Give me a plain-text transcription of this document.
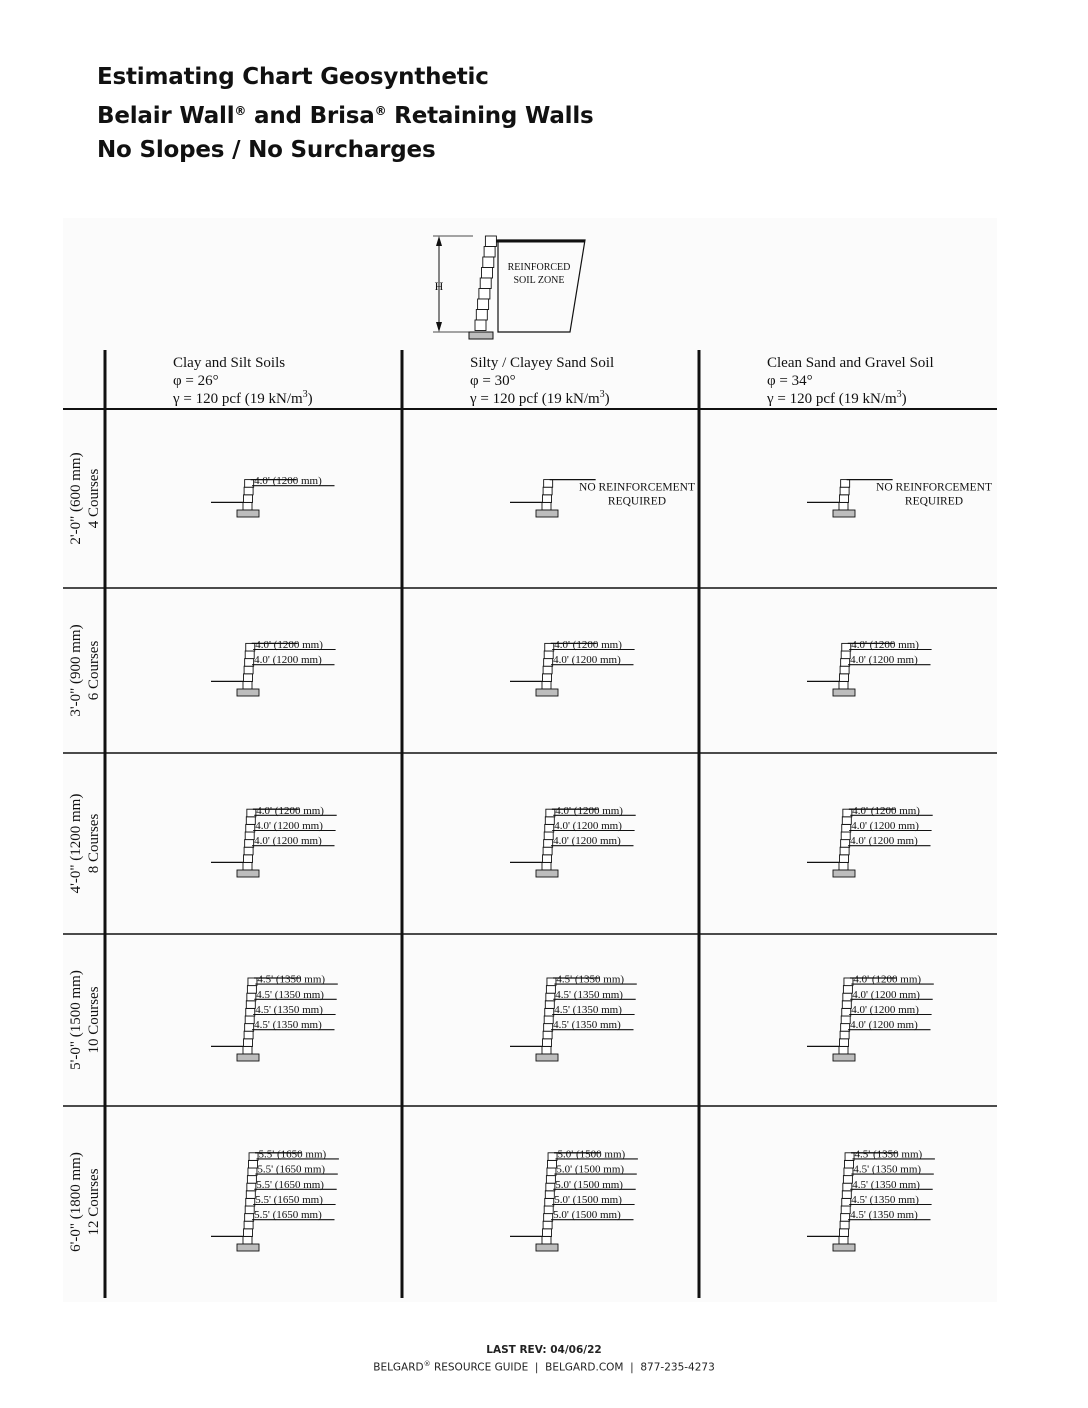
Estimating Chart Geosynthetic
Belair Wall® and Brisa® Retaining Walls
No Slopes / No Surcharges
H
REINFORCED
SOIL ZONE
Clay and Silt Soils
φ = 26°
γ = 120 pcf (19 $kN/m^3$)
Silty / Clayey Sand Soil
φ = 30°
γ = 120 pcf (19 $kN/m^3$)
Clean Sand and Gravel Soil
φ = 34°
γ = 120 pcf (19 $kN/m^3$)
2'-0" (600 mm) 4 Courses
3'-0" (900 mm) 6 Courses
4'-0" (1200 mm) 8 Courses
5'-0" (1500 mm) 10 Courses
6'-0" (1800 mm) 12 Courses
4.0' (1200 mm)
NO REINFORCEMENT
REQUIRED
NO REINFORCEMENT
REQUIRED
4.0' (1200 mm)
4.0' (1200 mm)
4.0' (1200 mm)
4.0' (1200 mm)
4.0' (1200 mm)
4.0' (1200 mm)
4.0' (1200 mm)
4.0' (1200 mm)
4.0' (1200 mm)
4.0' (1200 mm)
4.0' (1200 mm)
4.0' (1200 mm)
4.0' (1200 mm)
4.0' (1200 mm)
4.0' (1200 mm)
4.5' (1350 mm)
4.5' (1350 mm)
4.5' (1350 mm)
4.5' (1350 mm)
4.5' (1350 mm)
4.5' (1350 mm)
4.5' (1350 mm)
4.5' (1350 mm)
4.0' (1200 mm)
4.0' (1200 mm)
4.0' (1200 mm)
4.0' (1200 mm)
5.5' (1650 mm)
5.5' (1650 mm)
5.5' (1650 mm)
5.5' (1650 mm)
5.5' (1650 mm)
5.0' (1500 mm)
5.0' (1500 mm)
5.0' (1500 mm)
5.0' (1500 mm)
5.0' (1500 mm)
4.5' (1350 mm)
4.5' (1350 mm)
4.5' (1350 mm)
4.5' (1350 mm)
4.5' (1350 mm)
LAST REV: 04/06/22
BELGARD® RESOURCE GUIDE  |  BELGARD.COM  |  877-235-4273
